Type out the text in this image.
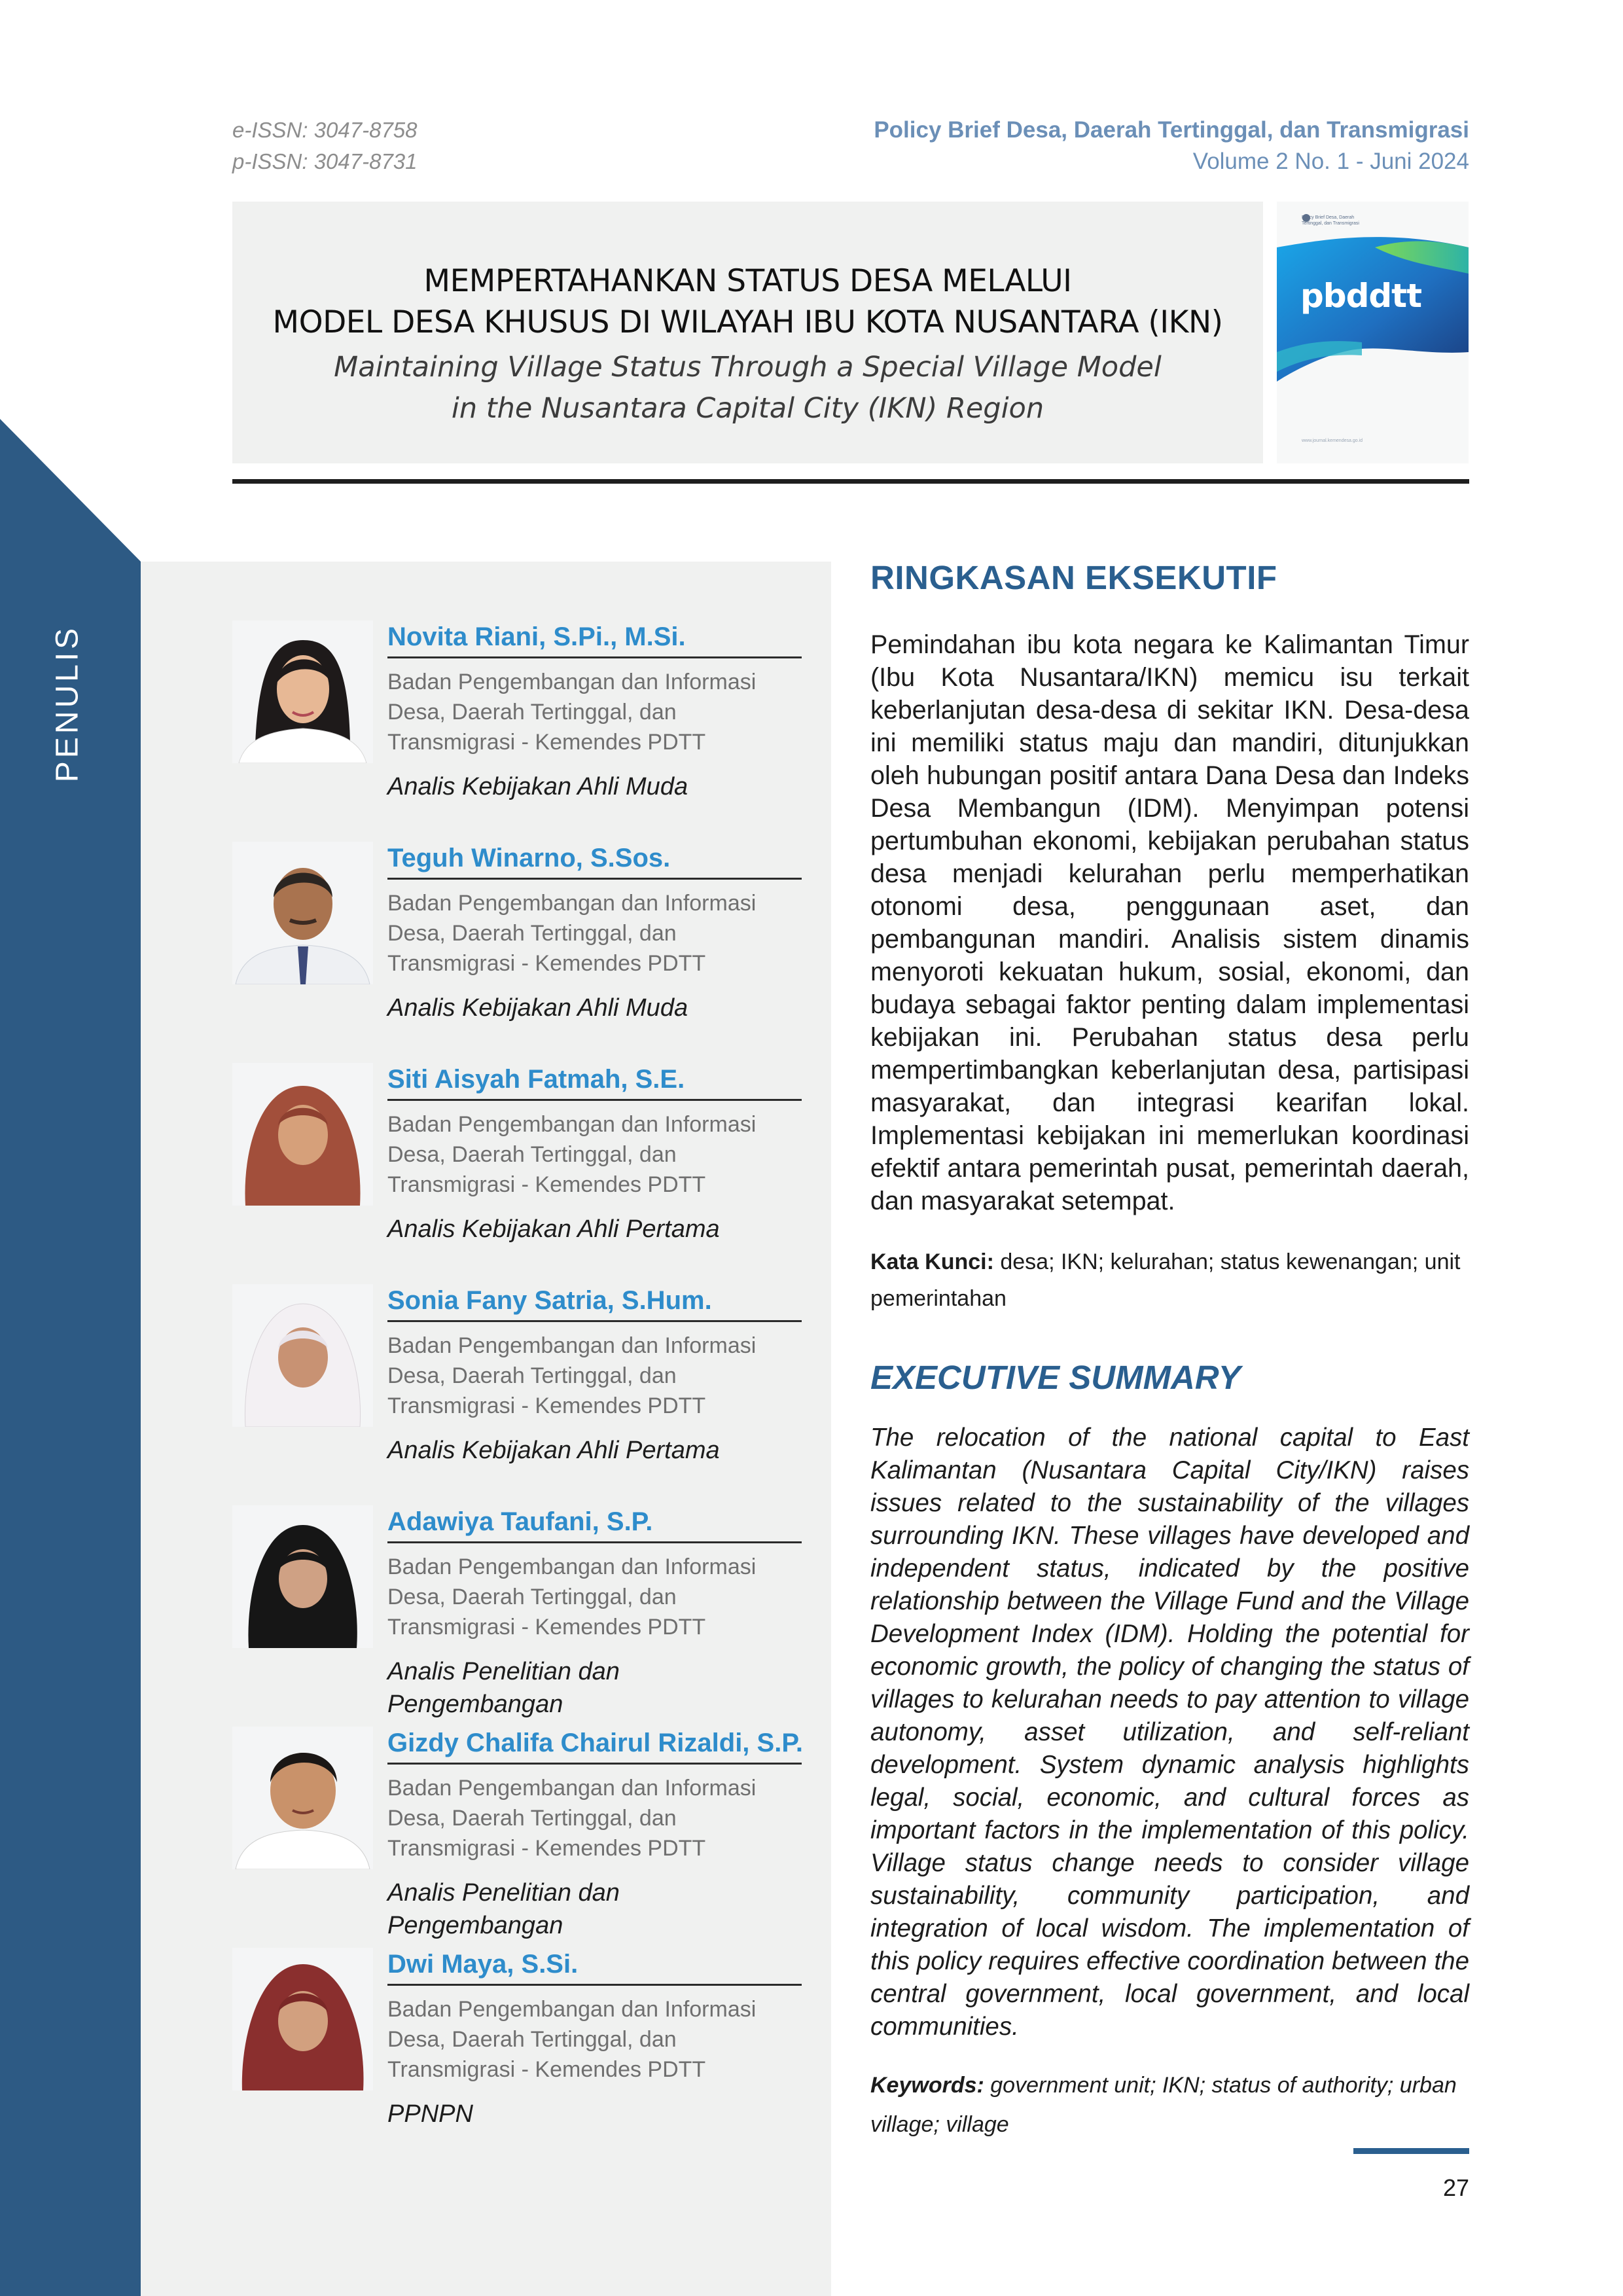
PENULIS
e-ISSN: 3047-8758
p-ISSN: 3047-8731
Policy Brief Desa, Daerah Tertinggal, dan Transmigrasi
Volume 2 No. 1 - Juni 2024
MEMPERTAHANKAN STATUS DESA MELALUI
MODEL DESA KHUSUS DI WILAYAH IBU KOTA NUSANTARA (IKN)
Maintaining Village Status Through a Special Village Model
in the Nusantara Capital City (IKN) Region
Policy Brief Desa, Daerah Tertinggal, dan Transmigrasi
pbddtt
www.journal.kemendesa.go.id
Novita Riani, S.Pi., M.Si.
Badan Pengembangan dan Informasi Desa, Daerah Tertinggal, dan Transmigrasi - Kemendes PDTT
Analis Kebijakan Ahli Muda
Teguh Winarno, S.Sos.
Badan Pengembangan dan Informasi Desa, Daerah Tertinggal, dan Transmigrasi - Kemendes PDTT
Analis Kebijakan Ahli Muda
Siti Aisyah Fatmah, S.E.
Badan Pengembangan dan Informasi Desa, Daerah Tertinggal, dan Transmigrasi - Kemendes PDTT
Analis Kebijakan Ahli Pertama
Sonia Fany Satria, S.Hum.
Badan Pengembangan dan Informasi Desa, Daerah Tertinggal, dan Transmigrasi - Kemendes PDTT
Analis Kebijakan Ahli Pertama
Adawiya Taufani, S.P.
Badan Pengembangan dan Informasi Desa, Daerah Tertinggal, dan Transmigrasi - Kemendes PDTT
Analis Penelitian dan Pengembangan
Gizdy Chalifa Chairul Rizaldi, S.P.
Badan Pengembangan dan Informasi Desa, Daerah Tertinggal, dan Transmigrasi - Kemendes PDTT
Analis Penelitian dan Pengembangan
Dwi Maya, S.Si.
Badan Pengembangan dan Informasi Desa, Daerah Tertinggal, dan Transmigrasi - Kemendes PDTT
PPNPN
RINGKASAN EKSEKUTIF
Pemindahan ibu kota negara ke Kalimantan Timur (Ibu Kota Nusantara/IKN) memicu isu terkait keberlanjutan desa-desa di sekitar IKN. Desa-desa ini memiliki status maju dan mandiri, ditunjukkan oleh hubungan positif antara Dana Desa dan Indeks Desa Membangun (IDM). Menyimpan potensi pertumbuhan ekonomi, kebijakan perubahan status desa menjadi kelurahan perlu memperhatikan otonomi desa, penggunaan aset, dan pembangunan mandiri. Analisis sistem dinamis menyoroti kekuatan hukum, sosial, ekonomi, dan budaya sebagai faktor penting dalam implementasi kebijakan ini. Perubahan status desa perlu mempertimbangkan keberlanjutan desa, partisipasi masyarakat, dan integrasi kearifan lokal. Implementasi kebijakan ini memerlukan koordinasi efektif antara pemerintah pusat, pemerintah daerah, dan masyarakat setempat.
Kata Kunci: desa; IKN; kelurahan; status kewenangan; unit pemerintahan
EXECUTIVE SUMMARY
The relocation of the national capital to East Kalimantan (Nusantara Capital City/IKN) raises issues related to the sustainability of the villages surrounding IKN. These villages have developed and independent status, indicated by the positive relationship between the Village Fund and the Village Development Index (IDM). Holding the potential for economic growth, the policy of changing the status of villages to kelurahan needs to pay attention to village autonomy, asset utilization, and self-reliant development. System dynamic analysis highlights legal, social, economic, and cultural forces as important factors in the implementation of this policy. Village status change needs to consider village sustainability, community participation, and integration of local wisdom. The implementation of this policy requires effective coordination between the central government, local government, and local communities.
Keywords: government unit; IKN; status of authority; urban village; village
27
